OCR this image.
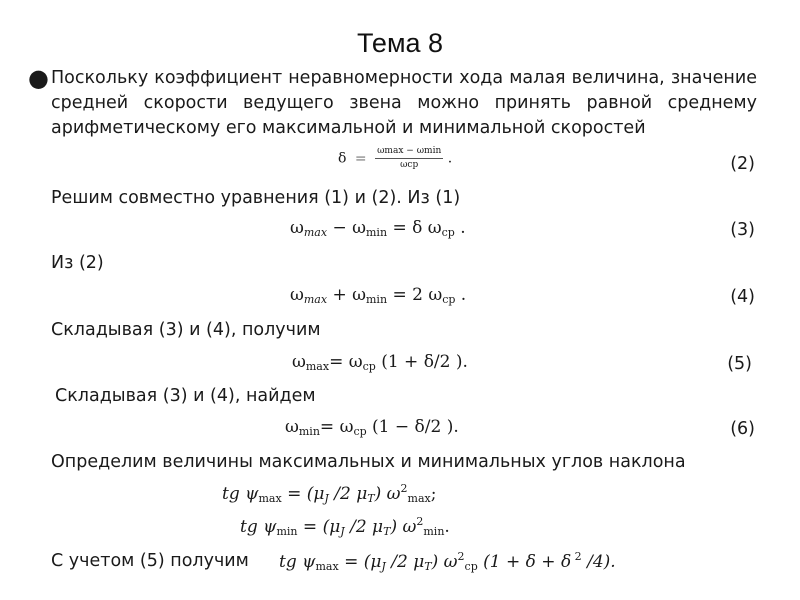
Тема 8
● Поскольку коэффициент неравномерности хода малая величина, значение средней скорости ведущего звена можно принять равной среднему арифметическому его максимальной и минимальной скоростей
$\delta = \frac{\omega\max - \omega\min}{\text{ωср}}$ .	(2)
Решим совместно уравнения (1) и (2). Из (1)
$\omega_{max} - \omega_{min} = \delta$ $\omega_{ср}$ .	(3)
Из (2)
$\omega_{max} + \omega_{min} = 2$ $\omega_{ср}$ .	(4)
Складывая (3) и (4), получим
$\omega_{max}= \omega_{ср}$ (1 + δ/2 ).	(5)
Складывая (3) и (4), найдем
$\omega_{min}= \omega_{ср}$ (1 − δ/2 ).	(6)
Определим величины максимальных и минимальных углов наклона
tg $\psi_{max} = (\mu_J$ /2 $\mu_T$) $\omega^2_{max}$;
tg $\psi_{min} = (\mu_J$ /2 $\mu_T$) $\omega^2_{min}$.
С учетом (5) получим tg $\psi_{max} = (\mu_J$ /2 $\mu_T$) $\omega^2_{ср}$ (1 + δ + δ $^2$ /4).
